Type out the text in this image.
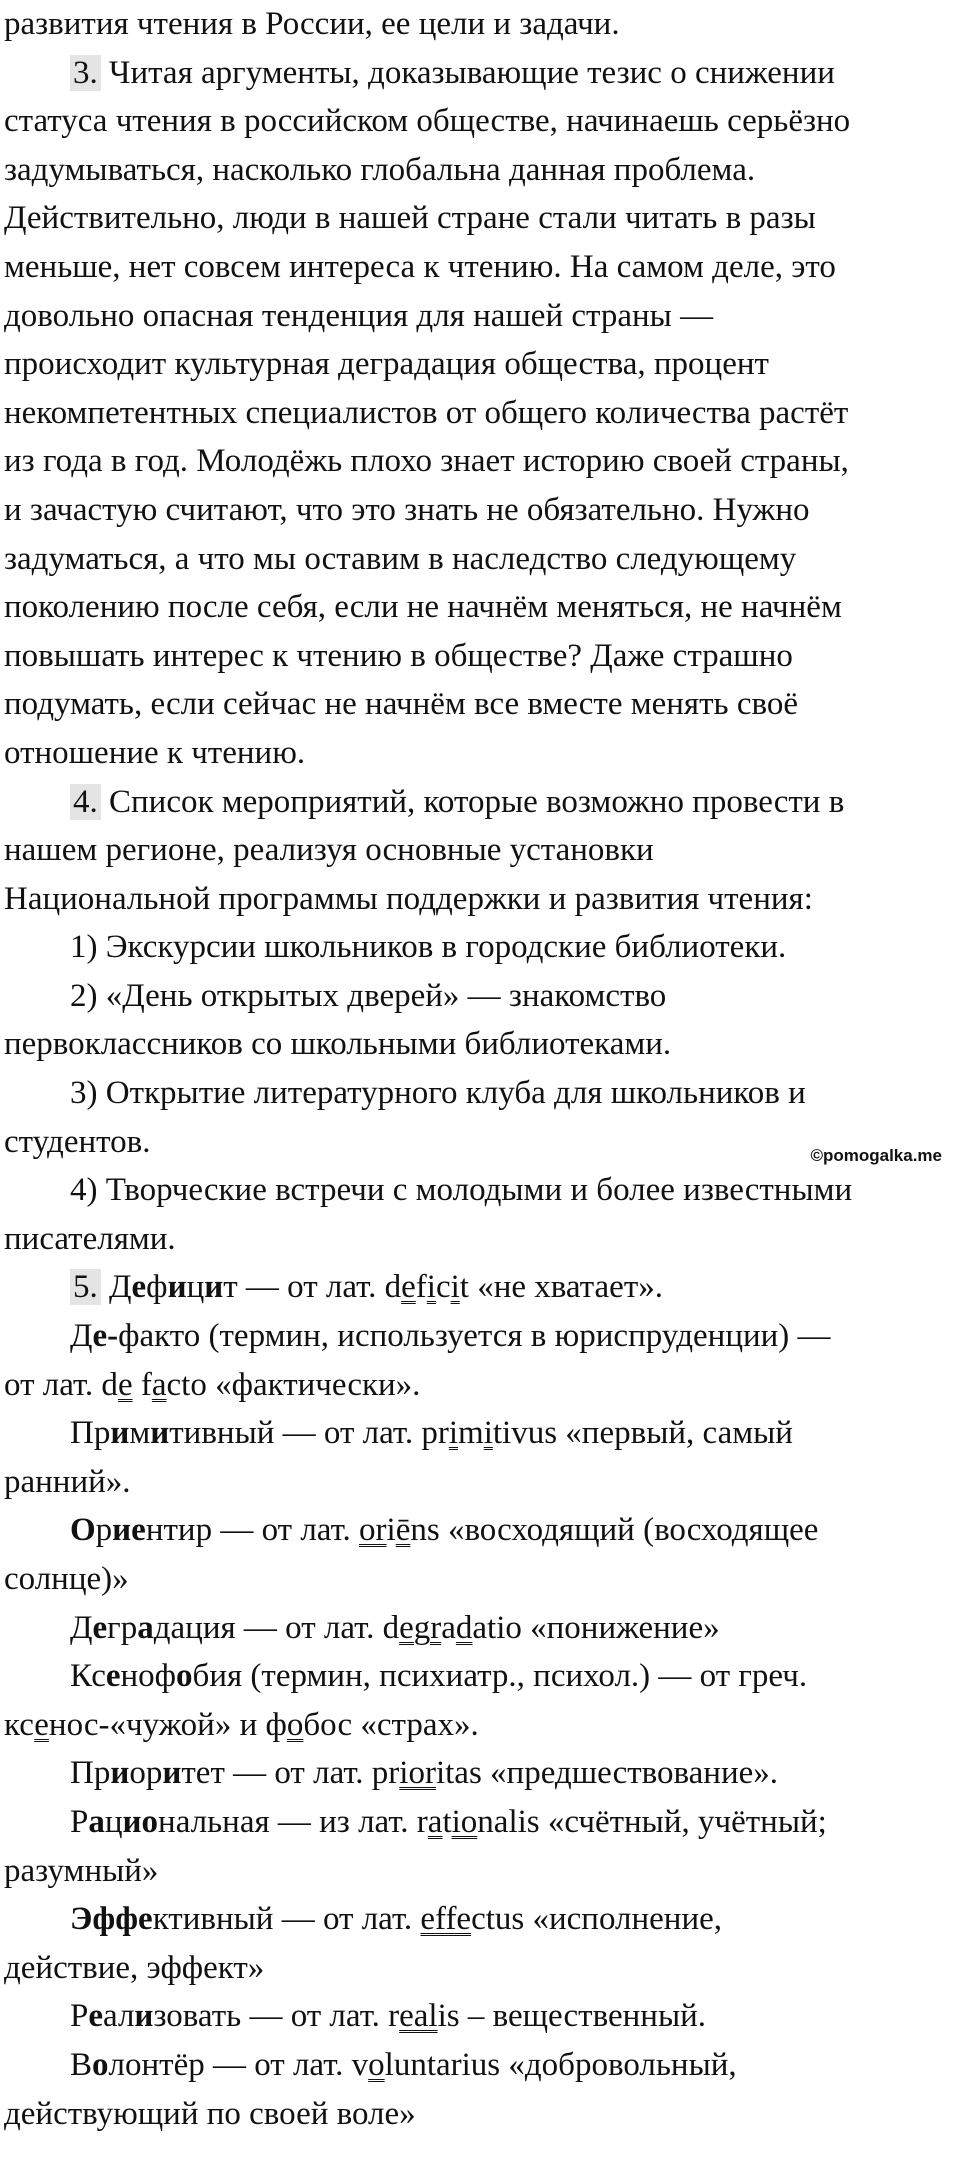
развития чтения в России, ее цели и задачи.
3. Читая аргументы, доказывающие тезис о снижении
статуса чтения в российском обществе, начинаешь серьёзно
задумываться, насколько глобальна данная проблема.
Действительно, люди в нашей стране стали читать в разы
меньше, нет совсем интереса к чтению. На самом деле, это
довольно опасная тенденция для нашей страны —
происходит культурная деградация общества, процент
некомпетентных специалистов от общего количества растёт
из года в год. Молодёжь плохо знает историю своей страны,
и зачастую считают, что это знать не обязательно. Нужно
задуматься, а что мы оставим в наследство следующему
поколению после себя, если не начнём меняться, не начнём
повышать интерес к чтению в обществе? Даже страшно
подумать, если сейчас не начнём все вместе менять своё
отношение к чтению.
4. Список мероприятий, которые возможно провести в
нашем регионе, реализуя основные установки
Национальной программы поддержки и развития чтения:
1) Экскурсии школьников в городские библиотеки.
2) «День открытых дверей» — знакомство
первоклассников со школьными библиотеками.
3) Открытие литературного клуба для школьников и
студентов.
4) Творческие встречи с молодыми и более известными
писателями.
5. Дефицит — от лат. deficit «не хватает».
Де-факто (термин, используется в юриспруденции) —
от лат. de facto «фактически».
Примитивный — от лат. primitivus «первый, самый
ранний».
Ориентир — от лат. oriēns «восходящий (восходящее
солнце)»
Деградация — от лат. degradatio «понижение»
Ксенофобия (термин, психиатр., психол.) — от греч.
ксенос-«чужой» и фобос «страх».
Приоритет — от лат. prioritas «предшествование».
Рациональная — из лат. rationalis «счётный, учётный;
разумный»
Эффективный — от лат. effectus «исполнение,
действие, эффект»
Реализовать — от лат. realis – вещественный.
Волонтёр — от лат. voluntarius «добровольный,
действующий по своей воле»
©pomogalka.me
